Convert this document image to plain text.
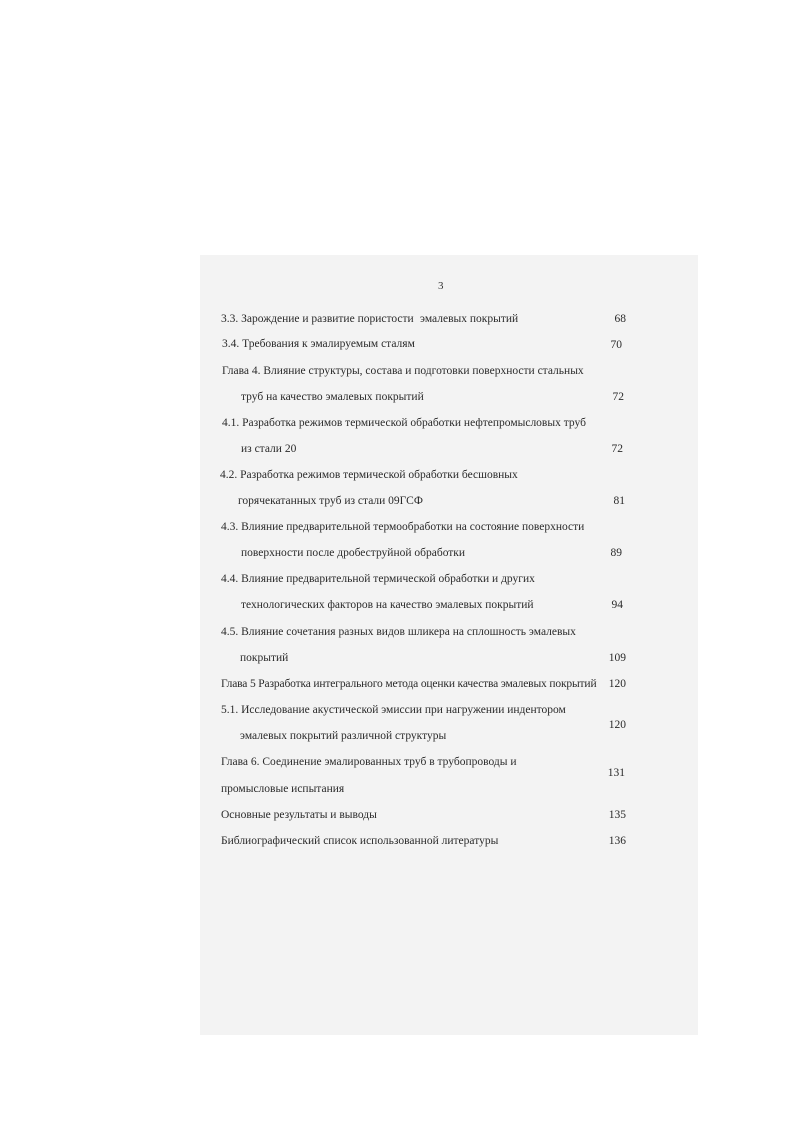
3
3.3. Зарождение и развитие пористости эмалевых покрытий	68
3.4. Требования к эмалируемым сталям	70
Глава 4. Влияние структуры, состава и подготовки поверхности стальных
труб на качество эмалевых покрытий	72
4.1. Разработка режимов термической обработки нефтепромысловых труб
из стали 20	72
4.2. Разработка режимов термической обработки бесшовных
горячекатанных труб из стали 09ГСФ	81
4.3. Влияние предварительной термообработки на состояние поверхности
поверхности после дробеструйной обработки	89
4.4. Влияние предварительной термической обработки и других
технологических факторов на качество эмалевых покрытий	94
4.5. Влияние сочетания разных видов шликера на сплошность эмалевых
покрытий	109
Глава 5 Разработка интегрального метода оценки качества эмалевых покрытий	120
5.1. Исследование акустической эмиссии при нагружении индентором
эмалевых покрытий различной структуры
120
Глава 6. Соединение эмалированных труб в трубопроводы и
промысловые испытания
131
Основные результаты и выводы	135
Библиографический список использованной литературы	136
